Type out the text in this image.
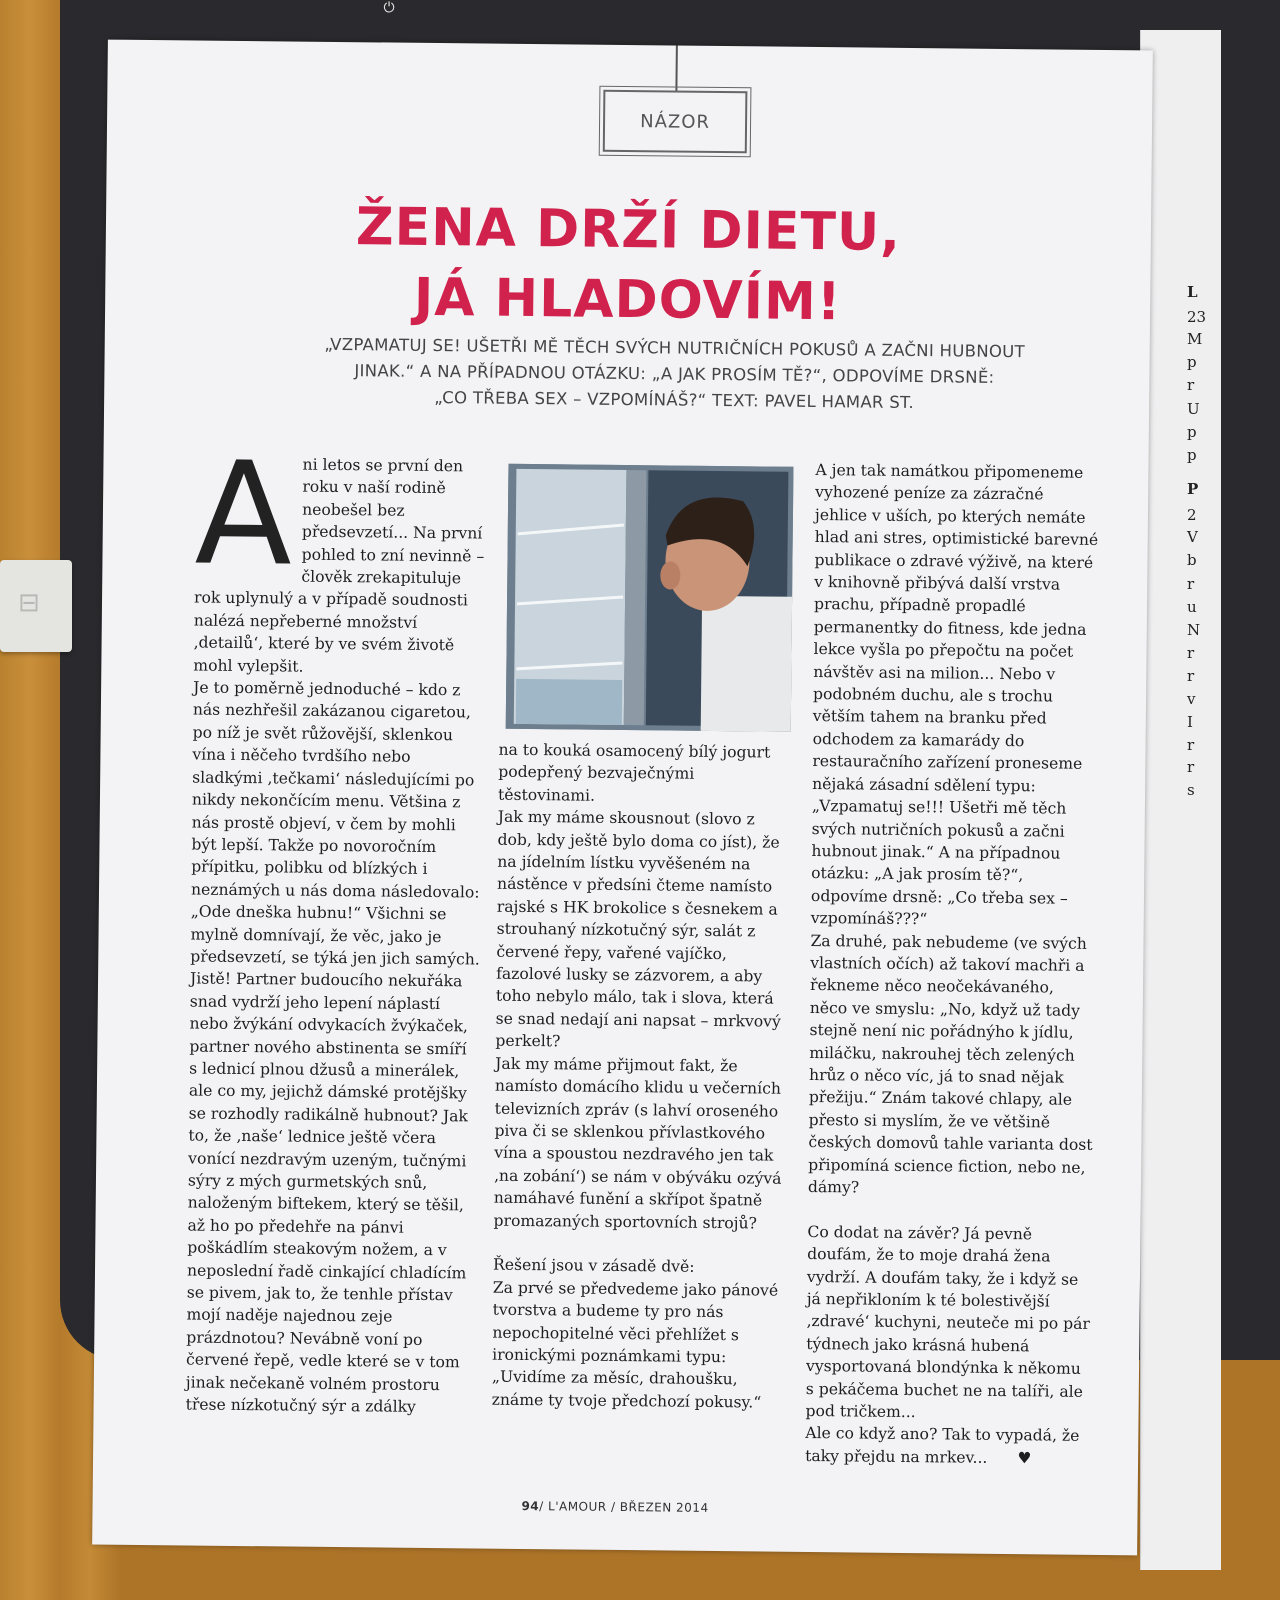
⏻
⊟
L
23
M
p
r
U
p
p
P
2
V
b
r
u
N
r
r
v
I
r
r
s
NÁZOR
ŽENA DRŽÍ DIETU,
JÁ HLADOVÍM!
„VZPAMATUJ SE! UŠETŘI MĚ TĚCH SVÝCH NUTRIČNÍCH POKUSŮ A ZAČNI HUBNOUT
JINAK.“ A NA PŘÍPADNOU OTÁZKU: „A JAK PROSÍM TĚ?“, ODPOVÍME DRSNĚ:
„CO TŘEBA SEX – VZPOMÍNÁŠ?“ TEXT: PAVEL HAMAR ST.
A ni letos se první den roku v naší rodině neobešel bez předsevzetí... Na první pohled to zní nevinně – člověk zrekapituluje rok uplynulý a v případě soudnosti nalézá nepřeberné množství ‚detailů‘, které by ve svém životě mohl vylepšit.

Je to poměrně jednoduché – kdo z nás nezhřešil zakázanou cigaretou, po níž je svět růžovější, sklenkou vína i něčeho tvrdšího nebo sladkými ‚tečkami‘ následujícími po nikdy nekončícím menu. Většina z nás prostě objeví, v čem by mohli být lepší. Takže po novoročním přípitku, polibku od blízkých i neznámých u nás doma následovalo: „Ode dneška hubnu!“ Všichni se mylně domnívají, že věc, jako je předsevzetí, se týká jen jich samých. Jistě! Partner budoucího nekuřáka snad vydrží jeho lepení náplastí nebo žvýkání odvykacích žvýkaček, partner nového abstinenta se smíří s lednicí plnou džusů a minerálek, ale co my, jejichž dámské protějšky se rozhodly radikálně hubnout? Jak to, že ‚naše‘ lednice ještě včera vonící nezdravým uzeným, tučnými sýry z mých gurmetských snů, naloženým biftekem, který se těšil, až ho po předehře na pánvi poškádlím steakovým nožem, a v neposlední řadě cinkající chladícím se pivem, jak to, že tenhle přístav mojí naděje najednou zeje prázdnotou? Nevábně voní po červené řepě, vedle které se v tom jinak nečekaně volném prostoru třese nízkotučný sýr a zdálky

na to kouká osamocený bílý jogurt podepřený bezvaječnými těstovinami.

Jak my máme skousnout (slovo z dob, kdy ještě bylo doma co jíst), že na jídelním lístku vyvěšeném na nástěnce v předsíni čteme namísto rajské s HK brokolice s česnekem a strouhaný nízkotučný sýr, salát z červené řepy, vařené vajíčko, fazolové lusky se zázvorem, a aby toho nebylo málo, tak i slova, která se snad nedají ani napsat – mrkvový perkelt?

Jak my máme přijmout fakt, že namísto domácího klidu u večerních televizních zpráv (s lahví oroseného piva či se sklenkou přívlastkového vína a spoustou nezdravého jen tak ‚na zobání‘) se nám v obýváku ozývá namáhavé funění a skřípot špatně promazaných sportovních strojů?

Řešení jsou v zásadě dvě:

Za prvé se předvedeme jako pánové tvorstva a budeme ty pro nás nepochopitelné věci přehlížet s ironickými poznámkami typu: „Uvidíme za měsíc, drahoušku, známe ty tvoje předchozí pokusy.“

A jen tak namátkou připomeneme vyhozené peníze za zázračné jehlice v uších, po kterých nemáte hlad ani stres, optimistické barevné publikace o zdravé výživě, na které v knihovně přibývá další vrstva prachu, případně propadlé permanentky do fitness, kde jedna lekce vyšla po přepočtu na počet návštěv asi na milion... Nebo v podobném duchu, ale s trochu větším tahem na branku před odchodem za kamarády do restauračního zařízení proneseme nějaká zásadní sdělení typu: „Vzpamatuj se!!! Ušetři mě těch svých nutričních pokusů a začni hubnout jinak.“ A na případnou otázku: „A jak prosím tě?“, odpovíme drsně: „Co třeba sex – vzpomínáš???“

Za druhé, pak nebudeme (ve svých vlastních očích) až takoví machři a řekneme něco neočekávaného, něco ve smyslu: „No, když už tady stejně není nic pořádnýho k jídlu, miláčku, nakrouhej těch zelených hrůz o něco víc, já to snad nějak přežiju.“ Znám takové chlapy, ale přesto si myslím, že ve většině českých domovů tahle varianta dost připomíná science fiction, nebo ne, dámy?

Co dodat na závěr? Já pevně doufám, že to moje drahá žena vydrží. A doufám taky, že i když se já nepřikloním k té bolestivější ‚zdravé‘ kuchyni, neuteče mi po pár týdnech jako krásná hubená vysportovaná blondýnka k někomu s pekáčema buchet ne na talíři, ale pod tričkem...

Ale co když ano? Tak to vypadá, že taky přejdu na mrkev... ♥

94/ L'AMOUR / BŘEZEN 2014
